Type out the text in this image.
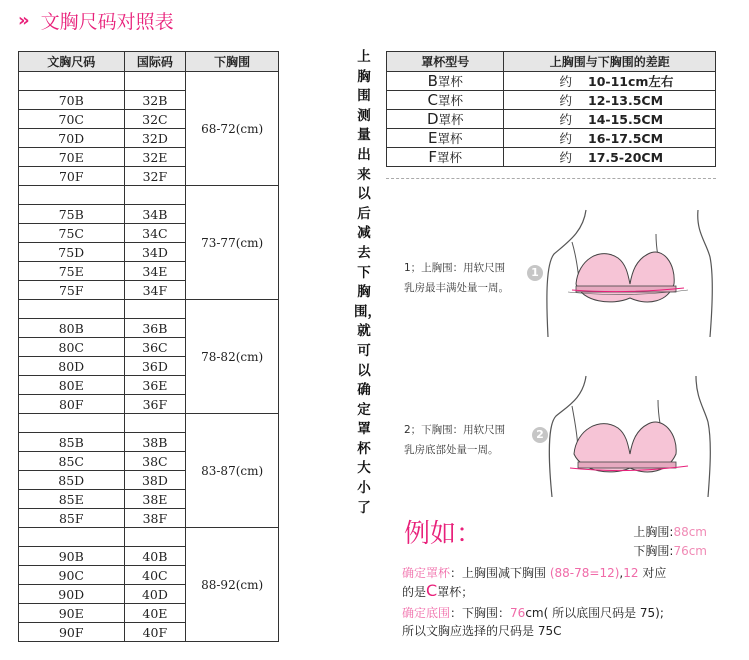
» 文胸尺码对照表
文胸尺码	国际码	下胸围
		68-72(cm)
70B	32B	
70C	32C	
70D	32D	
70E	32E	
70F	32F	
		73-77(cm)
75B	34B	
75C	34C	
75D	34D	
75E	34E	
75F	34F	
		78-82(cm)
80B	36B	
80C	36C	
80D	36D	
80E	36E	
80F	36F	
		83-87(cm)
85B	38B	
85C	38C	
85D	38D	
85E	38E	
85F	38F	
		88-92(cm)
90B	40B	
90C	40C	
90D	40D	
90E	40E	
90F	40F	
上胸围测量出来以后减去下胸围，就可以确定罩杯大小了
罩杯型号	上胸围与下胸围的差距
B罩杯	约 10-11cm左右
C罩杯	约 12-13.5CM
D罩杯	约 14-15.5CM
E罩杯	约 16-17.5CM
F罩杯	约 17.5-20CM
1；上胸围：用软尺围
乳房最丰满处量一周。
1
2；下胸围：用软尺围
乳房底部处量一周。
2
例如：	上胸围:88cm
下胸围:76cm
确定罩杯：上胸围减下胸围 (88-78=12),12 对应
的是C罩杯；
确定底围：下胸围：76cm( 所以底围尺码是 75);
所以文胸应选择的尺码是 75C
